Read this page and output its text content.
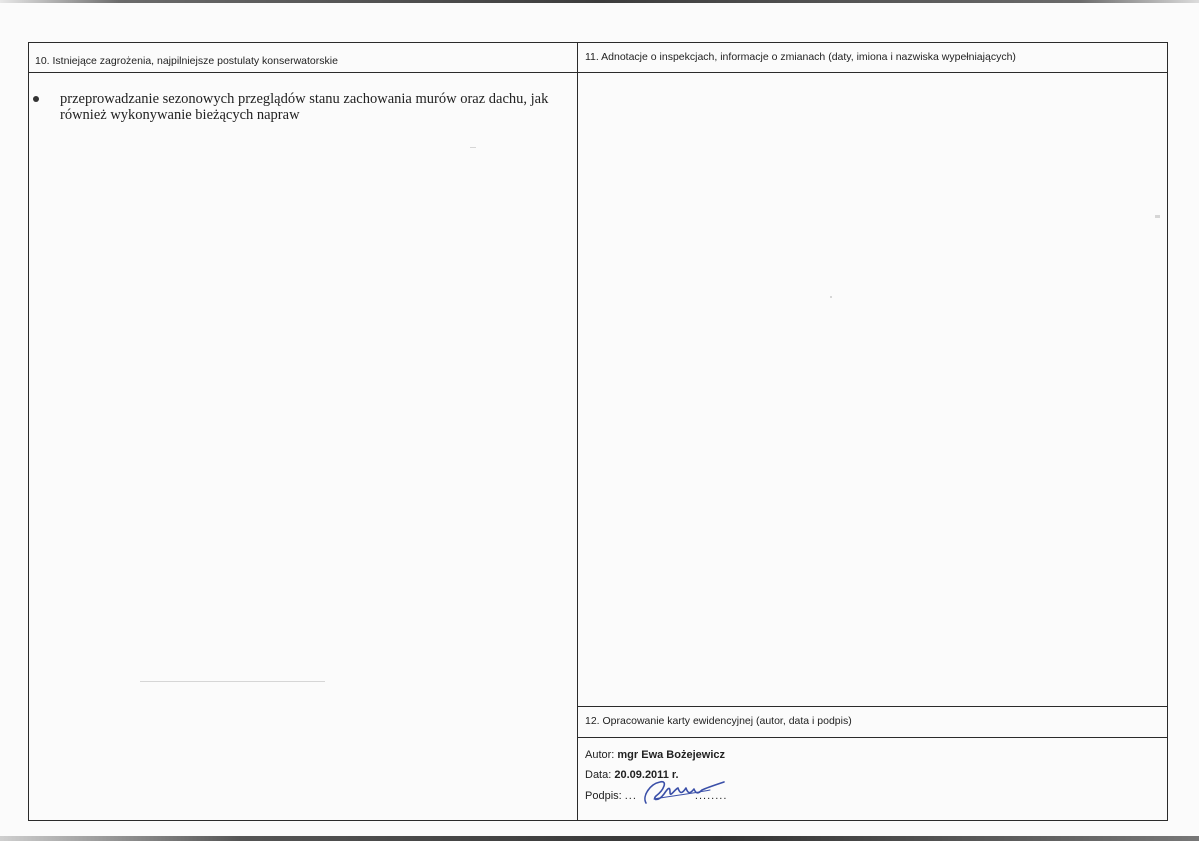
10. Istniejące zagrożenia, najpilniejsze postulaty konserwatorskie	11. Adnotacje o inspekcjach, informacje o zmianach (daty, imiona i nazwiska wypełniających)
przeprowadzanie sezonowych przeglądów stanu zachowania murów oraz dachu, jak również wykonywanie bieżących napraw
12. Opracowanie karty ewidencyjnej (autor, data i podpis)
Autor: mgr Ewa Bożejewicz
Data: 20.09.2011 r.
Podpis: ...	........
